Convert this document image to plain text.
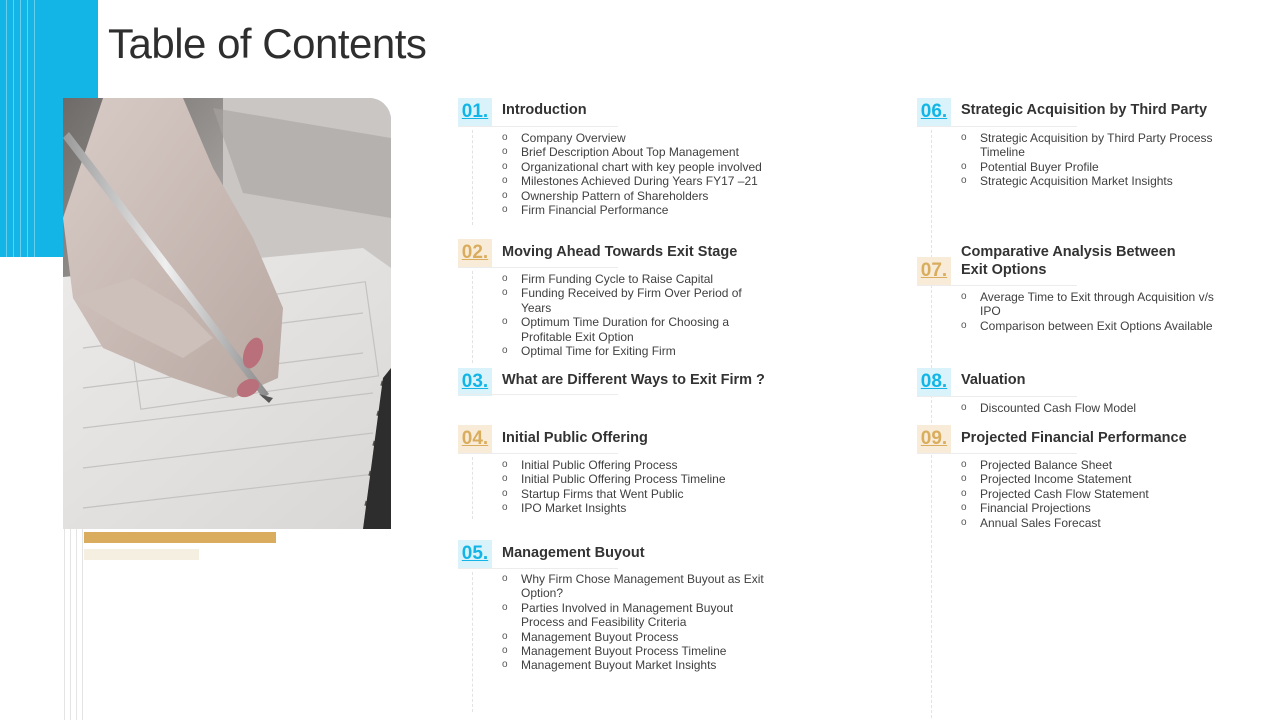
Table of Contents
01. Introduction
o Company Overview
o Brief Description About Top Management
o Organizational chart with key people involved
o Milestones Achieved During Years FY17 –21
o Ownership Pattern of Shareholders
o Firm Financial Performance
02. Moving Ahead Towards Exit Stage
o Firm Funding Cycle to Raise Capital
o Funding Received by Firm Over Period of Years
o Optimum Time Duration for Choosing a Profitable Exit Option
o Optimal Time for Exiting Firm
03. What are Different Ways to Exit Firm ?
04. Initial Public Offering
o Initial Public Offering Process
o Initial Public Offering Process Timeline
o Startup Firms that Went Public
o IPO Market Insights
05. Management Buyout
o Why Firm Chose Management Buyout as Exit Option?
o Parties Involved in Management Buyout Process and Feasibility Criteria
o Management Buyout Process
o Management Buyout Process Timeline
o Management Buyout Market Insights
06. Strategic Acquisition by Third Party
o Strategic Acquisition by Third Party Process Timeline
o Potential Buyer Profile
o Strategic Acquisition Market Insights
Comparative Analysis Between
Exit Options
07.
o Average Time to Exit through Acquisition v/s IPO
o Comparison between Exit Options Available
08. Valuation
o Discounted Cash Flow Model
09. Projected Financial Performance
o Projected Balance Sheet
o Projected Income Statement
o Projected Cash Flow Statement
o Financial Projections
o Annual Sales Forecast
